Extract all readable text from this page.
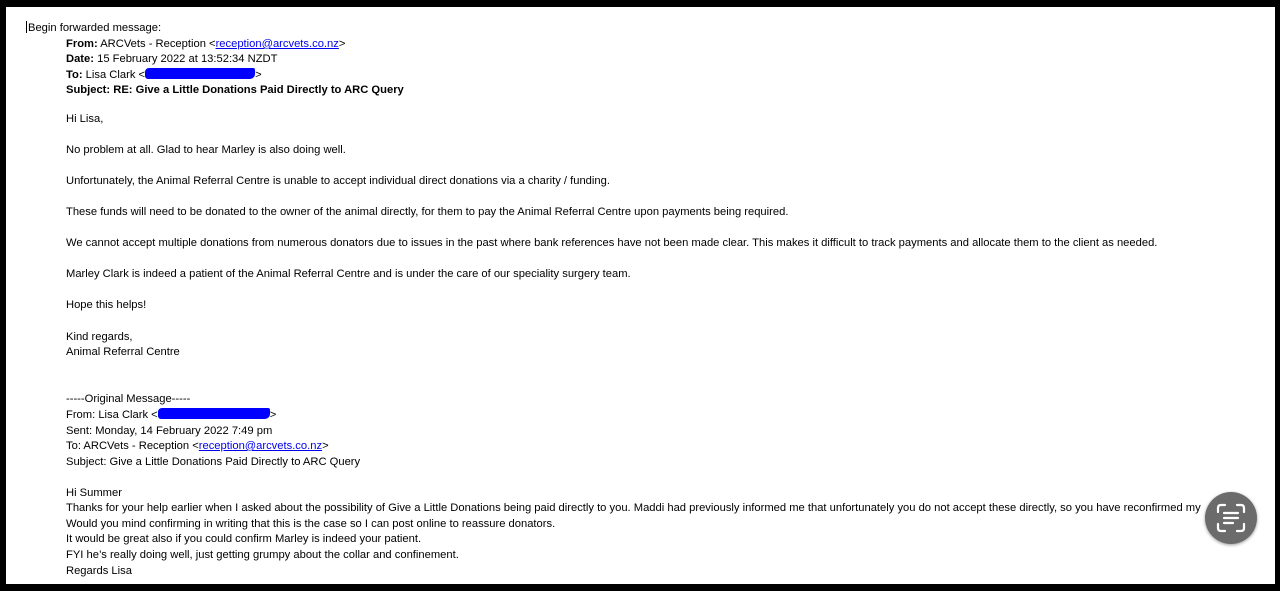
Begin forwarded message:
From: ARCVets - Reception <reception@arcvets.co.nz>
Date: 15 February 2022 at 13:52:34 NZDT
To: Lisa Clark <	>
Subject: RE: Give a Little Donations Paid Directly to ARC Query
Hi Lisa,
No problem at all. Glad to hear Marley is also doing well.
Unfortunately, the Animal Referral Centre is unable to accept individual direct donations via a charity / funding.
These funds will need to be donated to the owner of the animal directly, for them to pay the Animal Referral Centre upon payments being required.
We cannot accept multiple donations from numerous donators due to issues in the past where bank references have not been made clear. This makes it difficult to track payments and allocate them to the client as needed.
Marley Clark is indeed a patient of the Animal Referral Centre and is under the care of our speciality surgery team.
Hope this helps!
Kind regards,
Animal Referral Centre
-----Original Message-----
From: Lisa Clark <	>
Sent: Monday, 14 February 2022 7:49 pm
To: ARCVets - Reception <reception@arcvets.co.nz>
Subject: Give a Little Donations Paid Directly to ARC Query
Hi Summer
Thanks for your help earlier when I asked about the possibility of Give a Little Donations being paid directly to you. Maddi had previously informed me that unfortunately you do not accept these directly, so you have reconfirmed my
Would you mind confirming in writing that this is the case so I can post online to reassure donators.
It would be great also if you could confirm Marley is indeed your patient.
FYI he’s really doing well, just getting grumpy about the collar and confinement.
Regards Lisa
